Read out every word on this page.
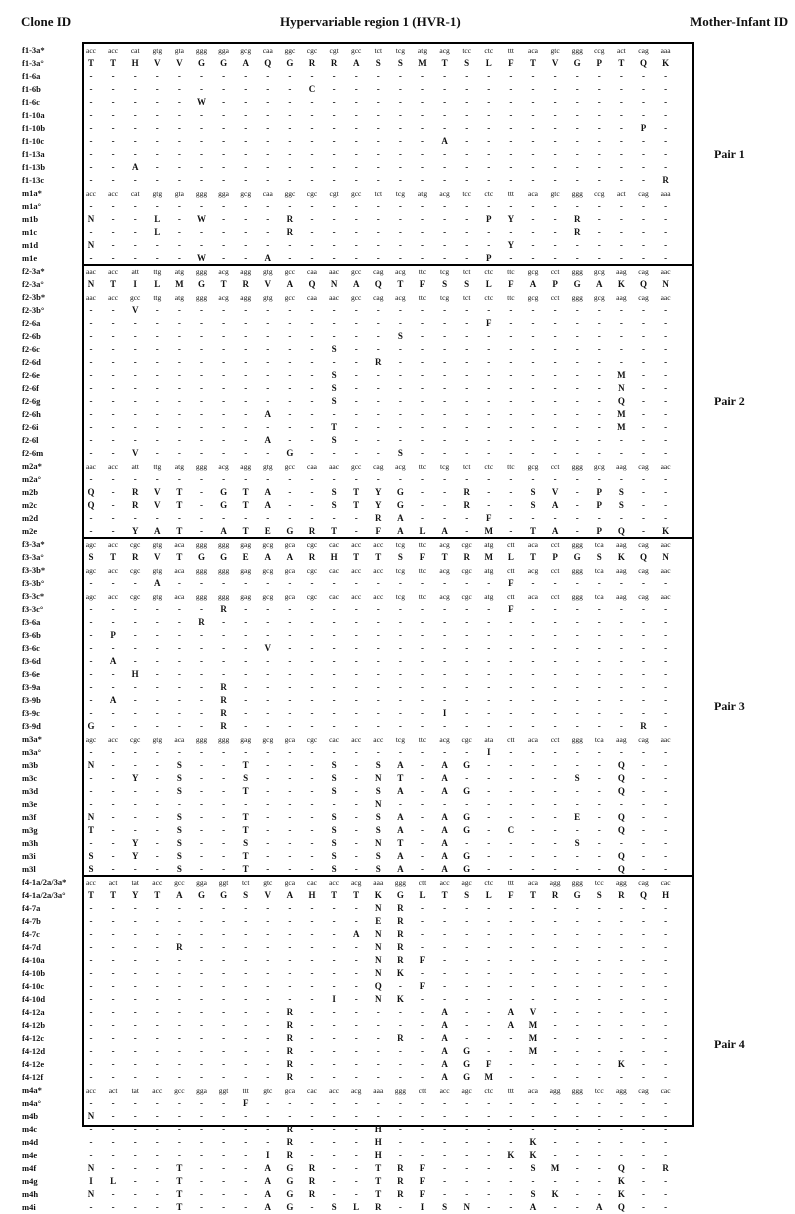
Clone ID	Hypervariable region 1 (HVR-1)	Mother-Infant ID
f1-3a*	acc	acc	cat	gtg	gta	ggg	gga	gcg	caa	ggc	cgc	cgt	gcc	tct	tcg	atg	acg	tcc	ctc	ttt	aca	gtc	ggg	ccg	act	cag	aaa
f1-3a°	T	T	H	V	V	G	G	A	Q	G	R	R	A	S	S	M	T	S	L	F	T	V	G	P	T	Q	K
f1-6a	-	-	-	-	-	-	-	-	-	-	-	-	-	-	-	-	-	-	-	-	-	-	-	-	-	-	-
f1-6b	-	-	-	-	-	-	-	-	-	-	C	-	-	-	-	-	-	-	-	-	-	-	-	-	-	-	-
f1-6c	-	-	-	-	-	W	-	-	-	-	-	-	-	-	-	-	-	-	-	-	-	-	-	-	-	-	-
f1-10a	-	-	-	-	-	-	-	-	-	-	-	-	-	-	-	-	-	-	-	-	-	-	-	-	-	-	-
f1-10b	-	-	-	-	-	-	-	-	-	-	-	-	-	-	-	-	-	-	-	-	-	-	-	-	-	P	-
f1-10c	-	-	-	-	-	-	-	-	-	-	-	-	-	-	-	-	A	-	-	-	-	-	-	-	-	-	-
f1-13a	-	-	-	-	-	-	-	-	-	-	-	-	-	-	-	-	-	-	-	-	-	-	-	-	-	-	-
f1-13b	-	-	A	-	-	-	-	-	-	-	-	-	-	-	-	-	-	-	-	-	-	-	-	-	-	-	-
f1-13c	-	-	-	-	-	-	-	-	-	-	-	-	-	-	-	-	-	-	-	-	-	-	-	-	-	-	R
m1a*	acc	acc	cat	gtg	gta	ggg	gga	gcg	caa	ggc	cgc	cgt	gcc	tct	tcg	atg	acg	tcc	ctc	ttt	aca	gtc	ggg	ccg	act	cag	aaa
m1a°	-	-	-	-	-	-	-	-	-	-	-	-	-	-	-	-	-	-	-	-	-	-	-	-	-	-	-
m1b	N	-	-	L	-	W	-	-	-	R	-	-	-	-	-	-	-	-	P	Y	-	-	R	-	-	-	-
m1c	-	-	-	L	-	-	-	-	-	R	-	-	-	-	-	-	-	-	-	-	-	-	R	-	-	-	-
m1d	N	-	-	-	-	-	-	-	-	-	-	-	-	-	-	-	-	-	-	Y	-	-	-	-	-	-	-
m1e	-	-	-	-	-	W	-	-	A	-	-	-	-	-	-	-	-	-	P	-	-	-	-	-	-	-	-
Pair 1
f2-3a*	aac	acc	att	ttg	atg	ggg	acg	agg	gtg	gcc	caa	aac	gcc	cag	acg	ttc	tcg	tct	ctc	ttc	gcg	cct	ggg	gcg	aag	cag	aac
f2-3a°	N	T	I	L	M	G	T	R	V	A	Q	N	A	Q	T	F	S	S	L	F	A	P	G	A	K	Q	N
f2-3b*	aac	acc	gcc	ttg	atg	ggg	acg	agg	gtg	gcc	caa	aac	gcc	cag	acg	ttc	tcg	tct	ctc	ttc	gcg	cct	ggg	gcg	aag	cag	aac
f2-3b°	-	-	V	-	-	-	-	-	-	-	-	-	-	-	-	-	-	-	-	-	-	-	-	-	-	-	-
f2-6a	-	-	-	-	-	-	-	-	-	-	-	-	-	-	-	-	-	-	F	-	-	-	-	-	-	-	-
f2-6b	-	-	-	-	-	-	-	-	-	-	-	-	-	-	S	-	-	-	-	-	-	-	-	-	-	-	-
f2-6c	-	-	-	-	-	-	-	-	-	-	-	S	-	-	-	-	-	-	-	-	-	-	-	-	-	-	-
f2-6d	-	-	-	-	-	-	-	-	-	-	-	-	-	R	-	-	-	-	-	-	-	-	-	-	-	-	-
f2-6e	-	-	-	-	-	-	-	-	-	-	-	S	-	-	-	-	-	-	-	-	-	-	-	-	M	-	-
f2-6f	-	-	-	-	-	-	-	-	-	-	-	S	-	-	-	-	-	-	-	-	-	-	-	-	N	-	-
f2-6g	-	-	-	-	-	-	-	-	-	-	-	S	-	-	-	-	-	-	-	-	-	-	-	-	Q	-	-
f2-6h	-	-	-	-	-	-	-	-	A	-	-	-	-	-	-	-	-	-	-	-	-	-	-	-	M	-	-
f2-6i	-	-	-	-	-	-	-	-	-	-	-	T	-	-	-	-	-	-	-	-	-	-	-	-	M	-	-
f2-6l	-	-	-	-	-	-	-	-	A	-	-	S	-	-	-	-	-	-	-	-	-	-	-	-	-	-	-
f2-6m	-	-	V	-	-	-	-	-	-	G	-	-	-	-	S	-	-	-	-	-	-	-	-	-	-	-	-
m2a*	aac	acc	att	ttg	atg	ggg	acg	agg	gtg	gcc	caa	aac	gcc	cag	acg	ttc	tcg	tct	ctc	ttc	gcg	cct	ggg	gcg	aag	cag	aac
m2a°	-	-	-	-	-	-	-	-	-	-	-	-	-	-	-	-	-	-	-	-	-	-	-	-	-	-	-
m2b	Q	-	R	V	T	-	G	T	A	-	-	S	T	Y	G	-	-	R	-	-	S	V	-	P	S	-	-
m2c	Q	-	R	V	T	-	G	T	A	-	-	S	T	Y	G	-	-	R	-	-	S	A	-	P	S	-	-
m2d	-	-	-	-	-	-	-	-	-	-	-	-	-	R	A	-	-	-	F	-	-	-	-	-	-	-	-
m2e	-	-	Y	A	T	-	A	T	E	G	R	T	-	F	A	L	A	-	M	-	T	A	-	P	Q	-	K
Pair 2
f3-3a*	agc	acc	cgc	gtg	aca	ggg	ggg	gag	gcg	gca	cgc	cac	acc	acc	tcg	ttc	acg	cgc	atg	ctt	aca	cct	ggg	tca	aag	cag	aac
f3-3a°	S	T	R	V	T	G	G	E	A	A	R	H	T	T	S	F	T	R	M	L	T	P	G	S	K	Q	N
f3-3b*	agc	acc	cgc	gtg	aca	ggg	ggg	gag	gcg	gca	cgc	cac	acc	acc	tcg	ttc	acg	cgc	atg	ctt	acg	cct	ggg	tca	aag	cag	aac
f3-3b°	-	-	-	A	-	-	-	-	-	-	-	-	-	-	-	-	-	-	-	F	-	-	-	-	-	-	-
f3-3c*	agc	acc	cgc	gtg	aca	ggg	ggg	gag	gcg	gca	cgc	cac	acc	acc	tcg	ttc	acg	cgc	atg	ctt	aca	cct	ggg	tca	aag	cag	aac
f3-3c°	-	-	-	-	-	-	R	-	-	-	-	-	-	-	-	-	-	-	-	F	-	-	-	-	-	-	-
f3-6a	-	-	-	-	-	R	-	-	-	-	-	-	-	-	-	-	-	-	-	-	-	-	-	-	-	-	-
f3-6b	-	P	-	-	-	-	-	-	-	-	-	-	-	-	-	-	-	-	-	-	-	-	-	-	-	-	-
f3-6c	-	-	-	-	-	-	-	-	V	-	-	-	-	-	-	-	-	-	-	-	-	-	-	-	-	-	-
f3-6d	-	A	-	-	-	-	-	-	-	-	-	-	-	-	-	-	-	-	-	-	-	-	-	-	-	-	-
f3-6e	-	-	H	-	-	-	-	-	-	-	-	-	-	-	-	-	-	-	-	-	-	-	-	-	-	-	-
f3-9a	-	-	-	-	-	-	R	-	-	-	-	-	-	-	-	-	-	-	-	-	-	-	-	-	-	-	-
f3-9b	-	A	-	-	-	-	R	-	-	-	-	-	-	-	-	-	-	-	-	-	-	-	-	-	-	-	-
f3-9c	-	-	-	-	-	-	R	-	-	-	-	-	-	-	-	-	I	-	-	-	-	-	-	-	-	-	-
f3-9d	G	-	-	-	-	-	R	-	-	-	-	-	-	-	-	-	-	-	-	-	-	-	-	-	-	R	-
m3a*	agc	acc	cgc	gtg	aca	ggg	ggg	gag	gcg	gca	cgc	cac	acc	acc	tcg	ttc	acg	cgc	ata	ctt	aca	cct	ggg	tca	aag	cag	aac
m3a°	-	-	-	-	-	-	-	-	-	-	-	-	-	-	-	-	-	-	I	-	-	-	-	-	-	-	-
m3b	N	-	-	-	S	-	-	T	-	-	-	S	-	S	A	-	A	G	-	-	-	-	-	-	Q	-	-
m3c	-	-	Y	-	S	-	-	S	-	-	-	S	-	N	T	-	A	-	-	-	-	-	S	-	Q	-	-
m3d	-	-	-	-	S	-	-	T	-	-	-	S	-	S	A	-	A	G	-	-	-	-	-	-	Q	-	-
m3e	-	-	-	-	-	-	-	-	-	-	-	-	-	N	-	-	-	-	-	-	-	-	-	-	-	-	-
m3f	N	-	-	-	S	-	-	T	-	-	-	S	-	S	A	-	A	G	-	-	-	-	E	-	Q	-	-
m3g	T	-	-	-	S	-	-	T	-	-	-	S	-	S	A	-	A	G	-	C	-	-	-	-	Q	-	-
m3h	-	-	Y	-	S	-	-	S	-	-	-	S	-	N	T	-	A	-	-	-	-	-	S	-	-	-	-
m3i	S	-	Y	-	S	-	-	T	-	-	-	S	-	S	A	-	A	G	-	-	-	-	-	-	Q	-	-
m3l	S	-	-	-	S	-	-	T	-	-	-	S	-	S	A	-	A	G	-	-	-	-	-	-	Q	-	-
Pair 3
f4-1a/2a/3a*	acc	act	tat	acc	gcc	gga	ggt	tct	gtc	gca	cac	acc	acg	aaa	ggg	ctt	acc	agc	ctc	ttt	aca	agg	ggg	tcc	agg	cag	cac
f4-1a/2a/3a°	T	T	Y	T	A	G	G	S	V	A	H	T	T	K	G	L	T	S	L	F	T	R	G	S	R	Q	H
f4-7a	-	-	-	-	-	-	-	-	-	-	-	-	-	N	R	-	-	-	-	-	-	-	-	-	-	-	-
f4-7b	-	-	-	-	-	-	-	-	-	-	-	-	-	E	R	-	-	-	-	-	-	-	-	-	-	-	-
f4-7c	-	-	-	-	-	-	-	-	-	-	-	-	A	N	R	-	-	-	-	-	-	-	-	-	-	-	-
f4-7d	-	-	-	-	R	-	-	-	-	-	-	-	-	N	R	-	-	-	-	-	-	-	-	-	-	-	-
f4-10a	-	-	-	-	-	-	-	-	-	-	-	-	-	N	R	F	-	-	-	-	-	-	-	-	-	-	-
f4-10b	-	-	-	-	-	-	-	-	-	-	-	-	-	N	K	-	-	-	-	-	-	-	-	-	-	-	-
f4-10c	-	-	-	-	-	-	-	-	-	-	-	-	-	Q	-	F	-	-	-	-	-	-	-	-	-	-	-
f4-10d	-	-	-	-	-	-	-	-	-	-	-	I	-	N	K	-	-	-	-	-	-	-	-	-	-	-	-
f4-12a	-	-	-	-	-	-	-	-	-	R	-	-	-	-	-	-	A	-	-	A	V	-	-	-	-	-	-
f4-12b	-	-	-	-	-	-	-	-	-	R	-	-	-	-	-	-	A	-	-	A	M	-	-	-	-	-	-
f4-12c	-	-	-	-	-	-	-	-	-	R	-	-	-	-	R	-	A	-	-	-	M	-	-	-	-	-	-
f4-12d	-	-	-	-	-	-	-	-	-	R	-	-	-	-	-	-	A	G	-	-	M	-	-	-	-	-	-
f4-12e	-	-	-	-	-	-	-	-	-	R	-	-	-	-	-	-	A	G	F	-	-	-	-	-	K	-	-
f4-12f	-	-	-	-	-	-	-	-	-	R	-	-	-	-	-	-	A	G	M	-	-	-	-	-	-	-	-
m4a*	acc	act	tat	acc	gcc	gga	ggt	ttt	gtc	gca	cac	acc	acg	aaa	ggg	ctt	acc	agc	ctc	ttt	aca	agg	ggg	tcc	agg	cag	cac
m4a°	-	-	-	-	-	-	-	F	-	-	-	-	-	-	-	-	-	-	-	-	-	-	-	-	-	-	-
m4b	N	-	-	-	-	-	-	-	-	-	-	-	-	-	-	-	-	-	-	-	-	-	-	-	-	-	-
m4c	-	-	-	-	-	-	-	-	-	R	-	-	-	H	-	-	-	-	-	-	-	-	-	-	-	-	-
m4d	-	-	-	-	-	-	-	-	-	R	-	-	-	H	-	-	-	-	-	-	K	-	-	-	-	-	-
m4e	-	-	-	-	-	-	-	-	I	R	-	-	-	H	-	-	-	-	-	K	K	-	-	-	-	-	-
m4f	N	-	-	-	T	-	-	-	A	G	R	-	-	T	R	F	-	-	-	-	S	M	-	-	Q	-	R
m4g	I	L	-	-	T	-	-	-	A	G	R	-	-	T	R	F	-	-	-	-	-	-	-	-	K	-	-
m4h	N	-	-	-	T	-	-	-	A	G	R	-	-	T	R	F	-	-	-	-	S	K	-	-	K	-	-
m4i	-	-	-	-	T	-	-	-	A	G	-	S	L	R	-	I	S	N	-	-	A	-	-	A	Q	-	-
Pair 4
